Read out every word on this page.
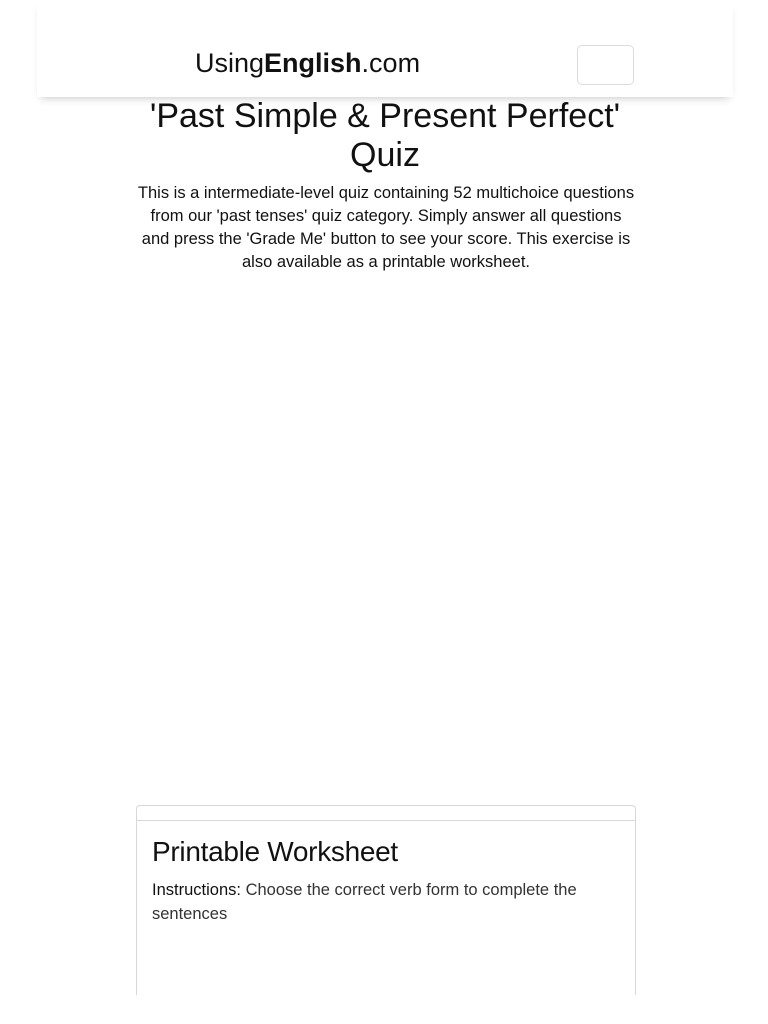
UsingEnglish.com
'Past Simple & Present Perfect' Quiz

This is a intermediate-level quiz containing 52 multichoice questions from our 'past tenses' quiz category. Simply answer all questions and press the 'Grade Me' button to see your score. This exercise is also available as a printable worksheet.

Printable Worksheet

Instructions: Choose the correct verb form to complete the sentences
